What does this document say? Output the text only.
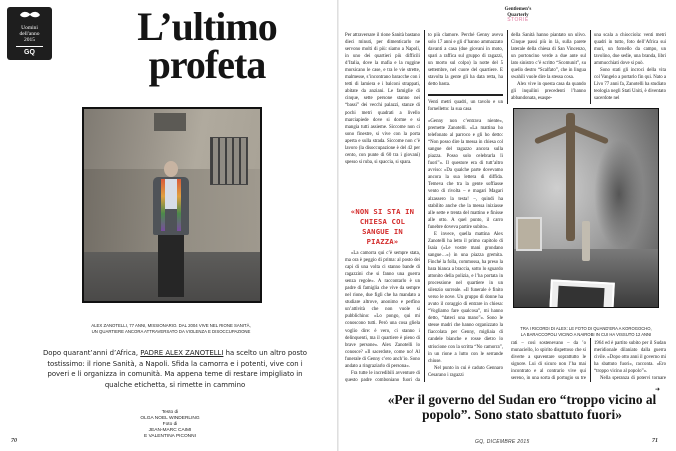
Uomini
dell'anno
2015
GQ
L’ultimo
profeta
ALEX ZANOTELLI, 77 ANNI, MISSIONARIO. DAL 2004 VIVE NEL RIONE SANITÀ,
UN QUARTIERE ANCORA ATTRAVERSATO DA VIOLENZA E DISOCCUPAZIONE
Dopo quarant’anni d’Africa, PADRE ALEX ZANOTELLI ha scelto un altro posto tostissimo: il rione Sanità, a Napoli. Sfida la camorra e i potenti, vive con i poveri e li organizza in comunità. Ma appena teme di restare impigliato in qualche etichetta, si rimette in cammino
Testo di
OLGA NOEL WINDERLING
Foto di
JEAN-MARC CAIMI
E VALENTINA PICONNI
70
Gentlemen’s
Quarterly
STORIE

Per attraversare il rione Sanità bastano dieci minuti, per dimenticarlo ne servono molti di più: siamo a Napoli, in uno dei quartieri più difficili d’Italia, dove la mafia e la ruggine morsicano le case, e tra le vie strette, malmesse, s’incontrano baracche con i tetti di lamiera e i balconi strappati, abitate da anziani. Le famiglie di cinque, sette persone stanno nei “bassi” dei vecchi palazzi, stanze di pochi metri quadrati a livello marciapiede dove si dorme e si mangia tutti assieme. Siccome non ci sono finestre, si vive con la porta aperta e sulla strada. Siccome non c’è lavoro (la disoccupazione è del 42 per cento, con punte di 60 tra i giovani) spesso si ruba, si spaccia, si spara.

«NON SI STA IN CHIESA COL SANGUE IN PIAZZA»

«La camorra qui c’è sempre stata, ma ora è peggio di prima: al posto dei capi di una volta ci stanno bande di ragazzini che si fanno una guerra senza regole». A raccontarlo è un padre di famiglia che vive da sempre nel rione, due figli che ha mandato a studiare altrove, anonimo e perfino un’attività che non vuole si pubblichino: «Lo pongo, qui mi conoscono tutti. Però una cosa gliela voglio dire: è vero, ci stanno i delinquenti, ma il quartiere è pieno di brave persone». Alex Zanotelli lo conosce? «Il sacerdote, come no! Al funerale di Genny c’ero anch’io. Sono andato a ringraziarlo di persona».

Fra tutte le incredibili avventure di questo padre comboniano fuori da

to più clamore. Perché Genny aveva solo 17 anni e gli d’hanno ammazzato davanti a casa (due giovani in moto, spari a raffica sul gruppo di ragazzi, un morto sul colpo) la notte del 5 settembre, nel cuore del quartiere. E stavolta la gente gli ha data retta, ha detto basta.

Venti metri quadri, un tavolo e un fornelletto: la sua casa

«Genny non c’entrava niente», premette Zanotelli. «La mattina ho telefonato al parroco e gli ho detto: “Non posso dire la messa in chiesa col sangue del ragazzo ancora sulla piazza. Posso solo celebrarla lì fuori”». Il questore era di tutt’altro avviso: «Da qualche parte dovevamo ancora la sua lettera di diffida. Temeva che tra la gente soffiasse vento di rivolta – e magari Magari alzassero la testa! –, quindi ha stabilito anche che la messa iniziasse alle sette e trenta del mattino e finisse alle otto. A quel punto, il carro funebre doveva partire subito».

E invece, quella mattina Alex Zanotelli ha letto il primo capitolo di Isaia («Le vostre mani grondano sangue…») in una piazza gremita. Finché la folla, commossa, ha preso la bara bianca a braccia, sotto lo sguardo attonito della polizia, e l’ha portata in processione nel quartiere in un silenzio surreale. «Il funerale è finito verso le nove. Un gruppo di donne ha avuto il coraggio di entrare in chiesa: “Vogliamo fare qualcosa”, mi hanno detto, “dateci una mano”». Sono le stesse madri che hanno organizzato la fiaccolata per Genny, migliaia di candele bianche e rosse dietro lo striscione con la scritta “No camorra”, in un rione a lutto con le serrande chiuse.

Nel punto in cui è caduto Gennaro Cesarano i ragazzi

della Sanità hanno piantato un ulivo. Cinque passi più in là, sulla parete laterale della chiesa di San Vincenzo, un portoncino verde a due ante sul lato sinistro c’è scritto “Scomunit”, su quello destro “Scalfato”, che in lingua swahili vuole dire la stessa cosa.

Alex vive in questa casa da quando gli inquilini precedenti l’hanno abbandonata, esaspe-

una scala a chiocciola: venti metri quadri in tutto, foto dell’Africa sui muri, un fornello da campo, un tavolino, due sedie, una branda, libri ammucchiati dove si può.

Sono stati gli incroci della vita col Vangelo a portarlo fin qui. Nato a Livo 77 anni fa, Zanotelli ha studiato teologia negli Stati Uniti, è diventato sacerdote nel

TRA I RICORDI DI ALEX: LE FOTO DI QUAND’ERA A KOROGOCHO,
LA BARACCOPOLI VICINO A NAIROBI IN CUI HA VISSUTO 12 ANNI

rati – così sostenevano – da ’o munaciello, lo spirito dispettoso che si diverte a spaventare soprattutto le signore. Lui di sicuro non l’ha mai incontrato e al contrario vive qui sereno, in una sorta di portugio su tre

1964 ed è partito subito per il Sudan meridionale dilaniato dalla guerra civile. «Dopo otto anni il governo mi ha sbattuto fuori», racconta. «Ero “troppo vicino al popolo”».

Nella speranza di potervi tornare

➜
«Per il governo del Sudan ero “troppo vicino al popolo”. Sono stato sbattuto fuori»
GQ, DICEMBRE 2015	71
